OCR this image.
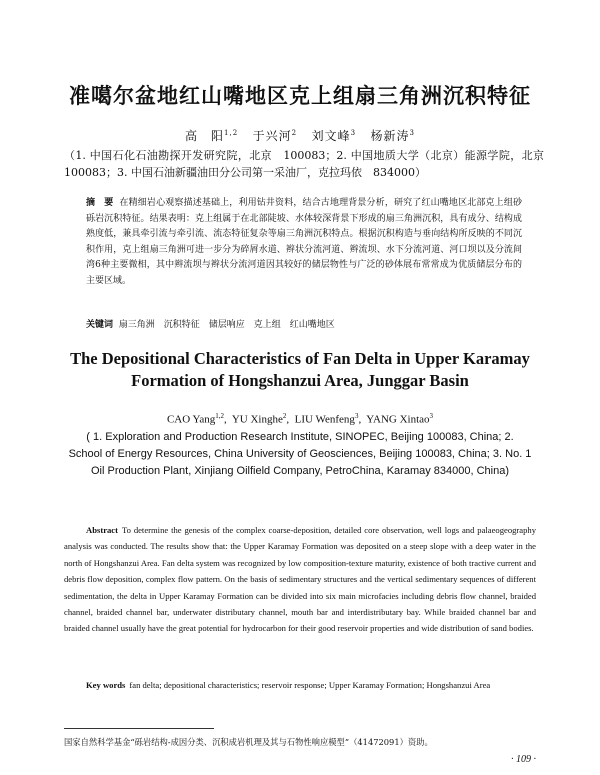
准噶尔盆地红山嘴地区克上组扇三角洲沉积特征
高　阳$^{1,2}$ 于兴河$^2$ 刘文峰$^3$ 杨新涛$^3$
（1. 中国石化石油勘探开发研究院，北京　100083；2. 中国地质大学（北京）能源学院，北京　100083；3. 中国石油新疆油田分公司第一采油厂，克拉玛依　834000）
摘　要 在精细岩心观察描述基础上，利用钻井资料，结合古地理背景分析，研究了红山嘴地区北部克上组砂砾岩沉积特征。结果表明：克上组属于在北部陡坡、水体较深背景下形成的扇三角洲沉积，具有成分、结构成熟度低，兼具牵引流与牵引流、流态特征复杂等扇三角洲沉积特点。根据沉积构造与垂向结构所反映的不同沉积作用，克上组扇三角洲可进一步分为碎屑水道、辫状分流河道、辫流坝、水下分流河道、河口坝以及分流间湾6种主要微相，其中辫流坝与辫状分流河道因其较好的储层物性与广泛的砂体展布常常成为优质储层分布的主要区域。
关键词 扇三角洲　沉积特征　储层响应　克上组　红山嘴地区
The Depositional Characteristics of Fan Delta in Upper Karamay
Formation of Hongshanzui Area, Junggar Basin
CAO Yang$^{1,2}$,  YU Xinghe$^2$,  LIU Wenfeng$^3$,  YANG Xintao$^3$
( 1. Exploration and Production Research Institute, SINOPEC, Beijing 100083, China; 2. School of Energy Resources, China University of Geosciences, Beijing 100083, China; 3. No. 1 Oil Production Plant, Xinjiang Oilfield Company, PetroChina, Karamay 834000, China)
Abstract To determine the genesis of the complex coarse-deposition, detailed core observation, well logs and palaeogeography analysis was conducted. The results show that: the Upper Karamay Formation was deposited on a steep slope with a deep water in the north of Hongshanzui Area. Fan delta system was recognized by low composition-texture maturity, existence of both tractive current and debris flow deposition, complex flow pattern. On the basis of sedimentary structures and the vertical sedimentary sequences of different sedimentation, the delta in Upper Karamay Formation can be divided into six main microfacies including debris flow channel, braided channel, braided channel bar, underwater distributary channel, mouth bar and interdistributary bay. While braided channel bar and braided channel usually have the great potential for hydrocarbon for their good reservoir properties and wide distribution of sand bodies.
Key words fan delta; depositional characteristics; reservoir response; Upper Karamay Formation; Hongshanzui Area
国家自然科学基金“砾岩结构-成因分类、沉积成岩机理及其与石物性响应模型”（41472091）资助。
· 109 ·
